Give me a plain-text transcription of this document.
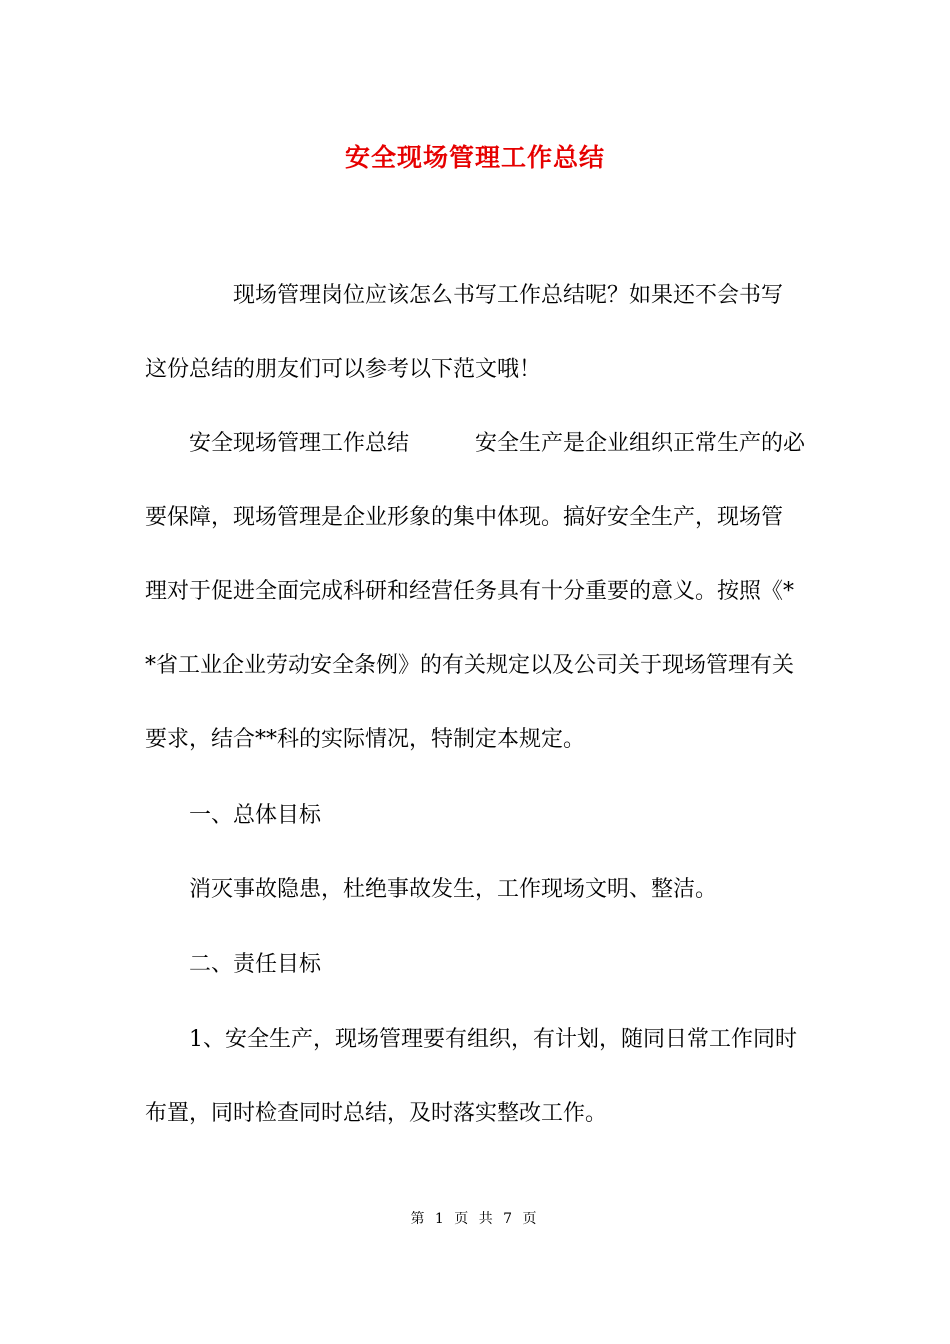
安全现场管理工作总结
　　　　现场管理岗位应该怎么书写工作总结呢？如果还不会书写
这份总结的朋友们可以参考以下范文哦！
　　安全现场管理工作总结　　　安全生产是企业组织正常生产的必
要保障，现场管理是企业形象的集中体现。搞好安全生产，现场管
理对于促进全面完成科研和经营任务具有十分重要的意义。按照《*
*省工业企业劳动安全条例》的有关规定以及公司关于现场管理有关
要求，结合**科的实际情况，特制定本规定。
　　一、总体目标
　　消灭事故隐患，杜绝事故发生，工作现场文明、整洁。
　　二、责任目标
　　1、安全生产，现场管理要有组织，有计划，随同日常工作同时
布置，同时检查同时总结，及时落实整改工作。
第 1 页 共 7 页
